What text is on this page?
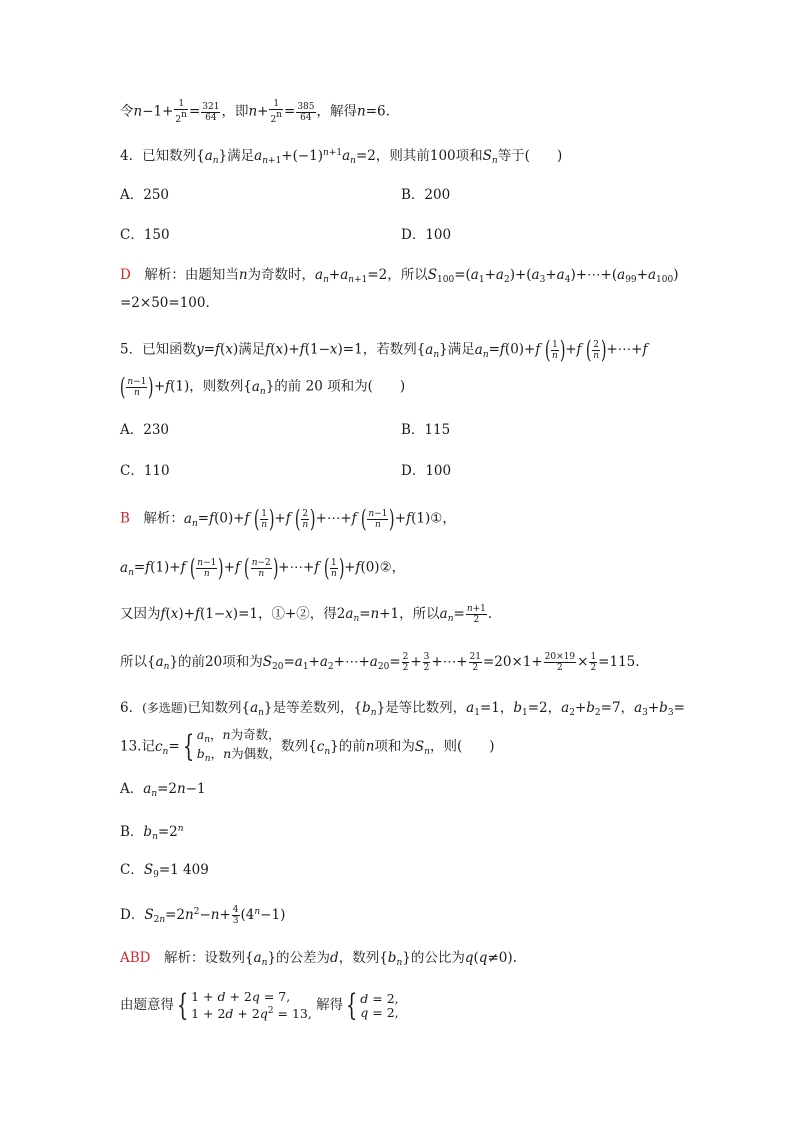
令$n-1+ \frac{1}{2^n} = \frac{321}{64}$ ，即$n+ \frac{1}{2^n} = \frac{385}{64}$ ，解得n=6.
4．已知数列$\{a_n\}$满足$a_{n+1}+(-1)^{n+1}a_n=2$，则其前100项和$S_n$等于(　　)
A．250	B．200
C．150	D．100
D　 解析：由题知当n为奇数时，$a_n+a_{n+1}=2$，所以$S_{100}=(a_1+a_2)+(a_3+a_4)+\cdots+(a_{99}+a_{100})$
=2×50=100.
5．已知函数y=f(x)满足f(x)+f(1−x)=1，若数列$\{a_n\}$满足$a_n=f(0)+f$ ( $\frac{1}{n} )+f$ ( $\frac{2}{n}$ )+⋯+f
( $\frac{n-1}{n} )+f(1)$，则数列$\{a_n\}$的前 20 项和为(　　)
A．230	B．115
C．110	D．100
B　 解析：$a_n=f(0)+f$ ( $\frac{1}{n} )+f$ ( $\frac{2}{n}$ )+⋯+f ( $\frac{n-1}{n}$ )+f(1)①，
$a_n=f(1)+f$ ( $\frac{n-1}{n} )+f$ ( $\frac{n-2}{n}$ )+⋯+f ( $\frac{1}{n}$ )+f(0)②，
又因为f(x)+f(1−x)=1，①+②，得$2a_n=n+1$，所以$a_n= \frac{n+1}{2}$ .
所以$\{a_n\}$的前20项和为$S_{20}=a_1+a_2+\cdots+a_{20}= \frac{2}{2} + \frac{3}{2}$ +⋯+ $\frac{21}{2} =20\times 1+ \frac{20\times 19}{2} \times \frac{1}{2} =115$.
6．(多选题)已知数列$\{a_n\}$是等差数列，$\{b_n\}$是等比数列，$a_1=1$，$b_1=2$，$a_2+b_2=7$，$a_3+b_3=$
13.记$c_n=${ $a_n$，n为奇数，
$b_n$，n为偶数， 数列$\{c_n\}$的前n项和为$S_n$，则(　　)
A．$a_n=2n-1$
B．$b_n=2^n$
C．$S_9=1$ 409
D．$S_{2n}=2n^2-n+ \frac{4}{3} (4^n-1)$
ABD　 解析：设数列$\{a_n\}$的公差为d，数列$\{b_n\}$的公比为q(q≠0).
由题意得{ 1 + d + 2q = 7,
$1 + 2d + 2q^2 = 13$,
解得{ d = 2,
q = 2,
